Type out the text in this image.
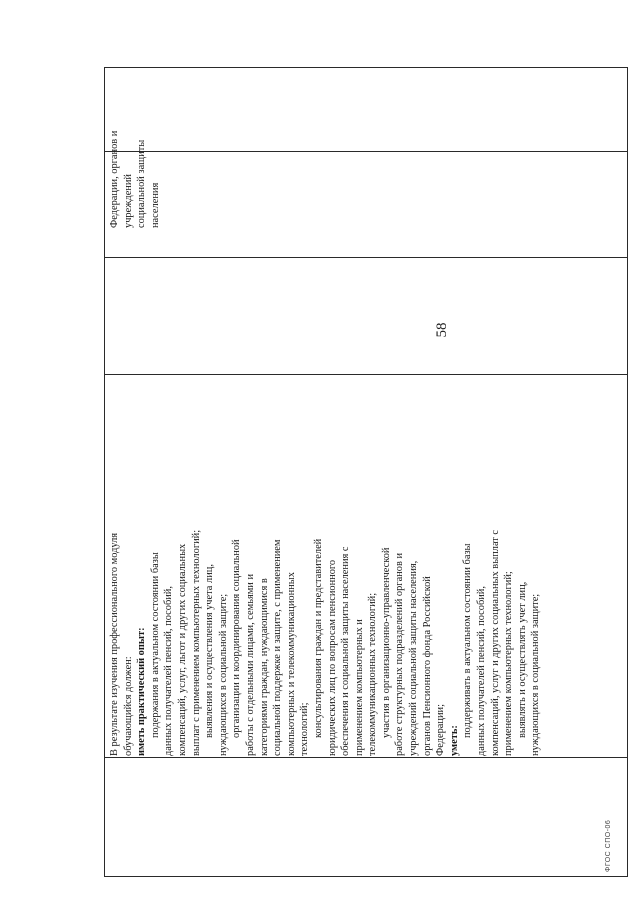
В результате изучения профессионального модуля обучающийся должен: иметь практический опыт: подержания в актуальном состоянии базы данных получателей пенсий, пособий, компенсаций, услуг, льгот и других социальных выплат с применением компьютерных технологий; выявления и осуществления учета лиц, нуждающихся в социальной защите; организации и координирования социальной работы с отдельными лицами, семьями и категориями граждан, нуждающимися в социальной поддержке и защите, с применением компьютерных и телекоммуникационных технологий; консультирования граждан и представителей юридических лиц по вопросам пенсионного обеспечения и социальной защиты населения с применением компьютерных и телекоммуникационных технологий; участия в организационно-управленческой работе структурных подразделений органов и учреждений социальной защиты населения, органов Пенсионного фонда Российской Федерации; уметь:
поддерживать в актуальном состоянии базы данных получателей пенсий, пособий, компенсаций, услуг и других социальных выплат с применением компьютерных технологий; выявлять и осуществлять учет лиц, нуждающихся в социальной защите;
Федерации, органов и учреждений социальной защиты населения
58
ФГОС СПО-06
